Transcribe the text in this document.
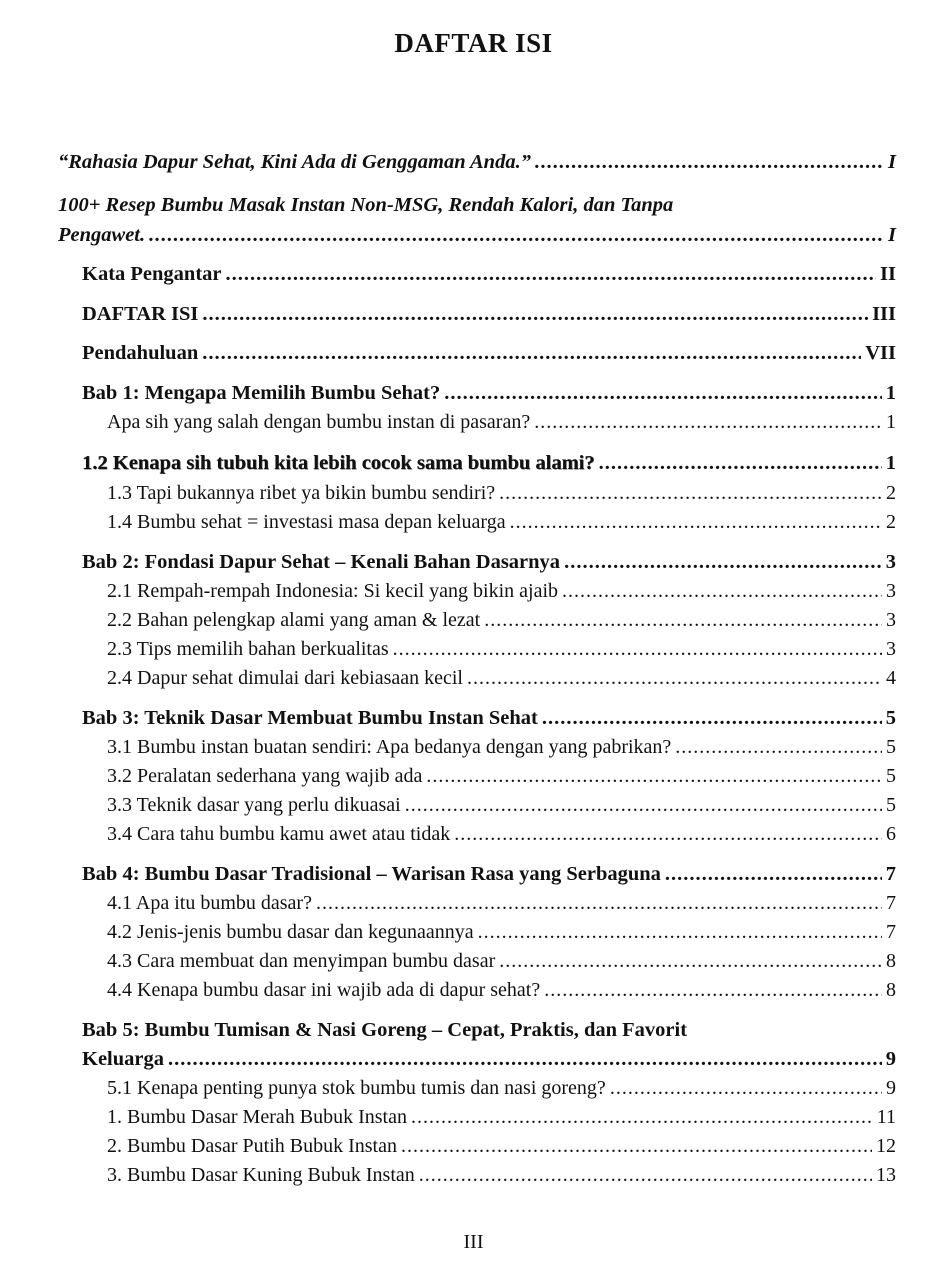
DAFTAR ISI
“Rahasia Dapur Sehat, Kini Ada di Genggaman Anda.” .....	I
100+ Resep Bumbu Masak Instan Non-MSG, Rendah Kalori, dan Tanpa
Pengawet. .....	I
Kata Pengantar .....	II
DAFTAR ISI .....	III
Pendahuluan .....	VII
Bab 1: Mengapa Memilih Bumbu Sehat? .....	1
Apa sih yang salah dengan bumbu instan di pasaran? .....	1
1.2 Kenapa sih tubuh kita lebih cocok sama bumbu alami? .....	1
1.3 Tapi bukannya ribet ya bikin bumbu sendiri? .....	2
1.4 Bumbu sehat = investasi masa depan keluarga .....	2
Bab 2: Fondasi Dapur Sehat – Kenali Bahan Dasarnya .....	3
2.1 Rempah-rempah Indonesia: Si kecil yang bikin ajaib .....	3
2.2 Bahan pelengkap alami yang aman & lezat .....	3
2.3 Tips memilih bahan berkualitas .....	3
2.4 Dapur sehat dimulai dari kebiasaan kecil .....	4
Bab 3: Teknik Dasar Membuat Bumbu Instan Sehat .....	5
3.1 Bumbu instan buatan sendiri: Apa bedanya dengan yang pabrikan? .....	5
3.2 Peralatan sederhana yang wajib ada .....	5
3.3 Teknik dasar yang perlu dikuasai .....	5
3.4 Cara tahu bumbu kamu awet atau tidak .....	6
Bab 4: Bumbu Dasar Tradisional – Warisan Rasa yang Serbaguna .....	7
4.1 Apa itu bumbu dasar? .....	7
4.2 Jenis-jenis bumbu dasar dan kegunaannya .....	7
4.3 Cara membuat dan menyimpan bumbu dasar .....	8
4.4 Kenapa bumbu dasar ini wajib ada di dapur sehat? .....	8
Bab 5: Bumbu Tumisan & Nasi Goreng – Cepat, Praktis, dan Favorit
Keluarga .....	9
5.1 Kenapa penting punya stok bumbu tumis dan nasi goreng? .....	9
1. Bumbu Dasar Merah Bubuk Instan .....	11
2. Bumbu Dasar Putih Bubuk Instan .....	12
3. Bumbu Dasar Kuning Bubuk Instan .....	13
III
